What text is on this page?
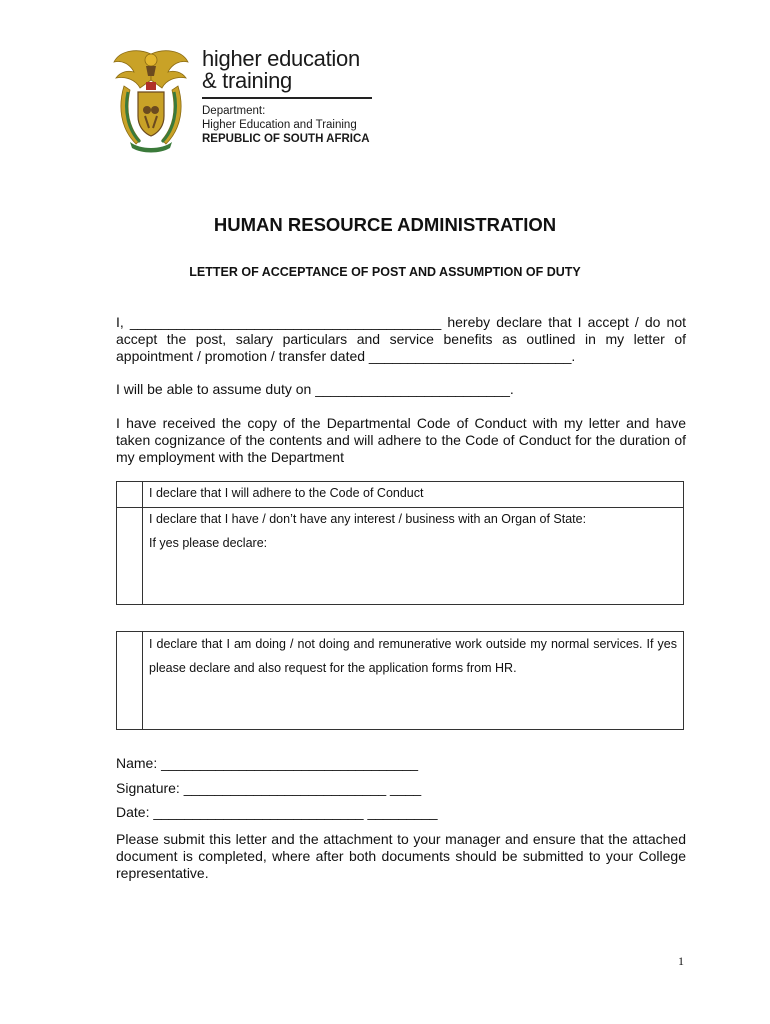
higher education
& training
Department:
Higher Education and Training
REPUBLIC OF SOUTH AFRICA
HUMAN RESOURCE ADMINISTRATION
LETTER OF ACCEPTANCE OF POST AND ASSUMPTION OF DUTY
I, ________________________________________ hereby declare that I accept / do not accept the post, salary particulars and service benefits as outlined in my letter of appointment / promotion / transfer dated __________________________.
I will be able to assume duty on _________________________.
I have received the copy of the Departmental Code of Conduct with my letter and have taken cognizance of the contents and will adhere to the Code of Conduct for the duration of my employment with the Department
I declare that I will adhere to the Code of Conduct
I declare that I have / don’t have any interest / business with an Organ of State:
If yes please declare:
I declare that I am doing / not doing and remunerative work outside my normal services. If yes please declare and also request for the application forms from HR.
Name: _________________________________
Signature: __________________________ ____
Date: ___________________________ _________
Please submit this letter and the attachment to your manager and ensure that the attached document is completed, where after both documents should be submitted to your College representative.
1
